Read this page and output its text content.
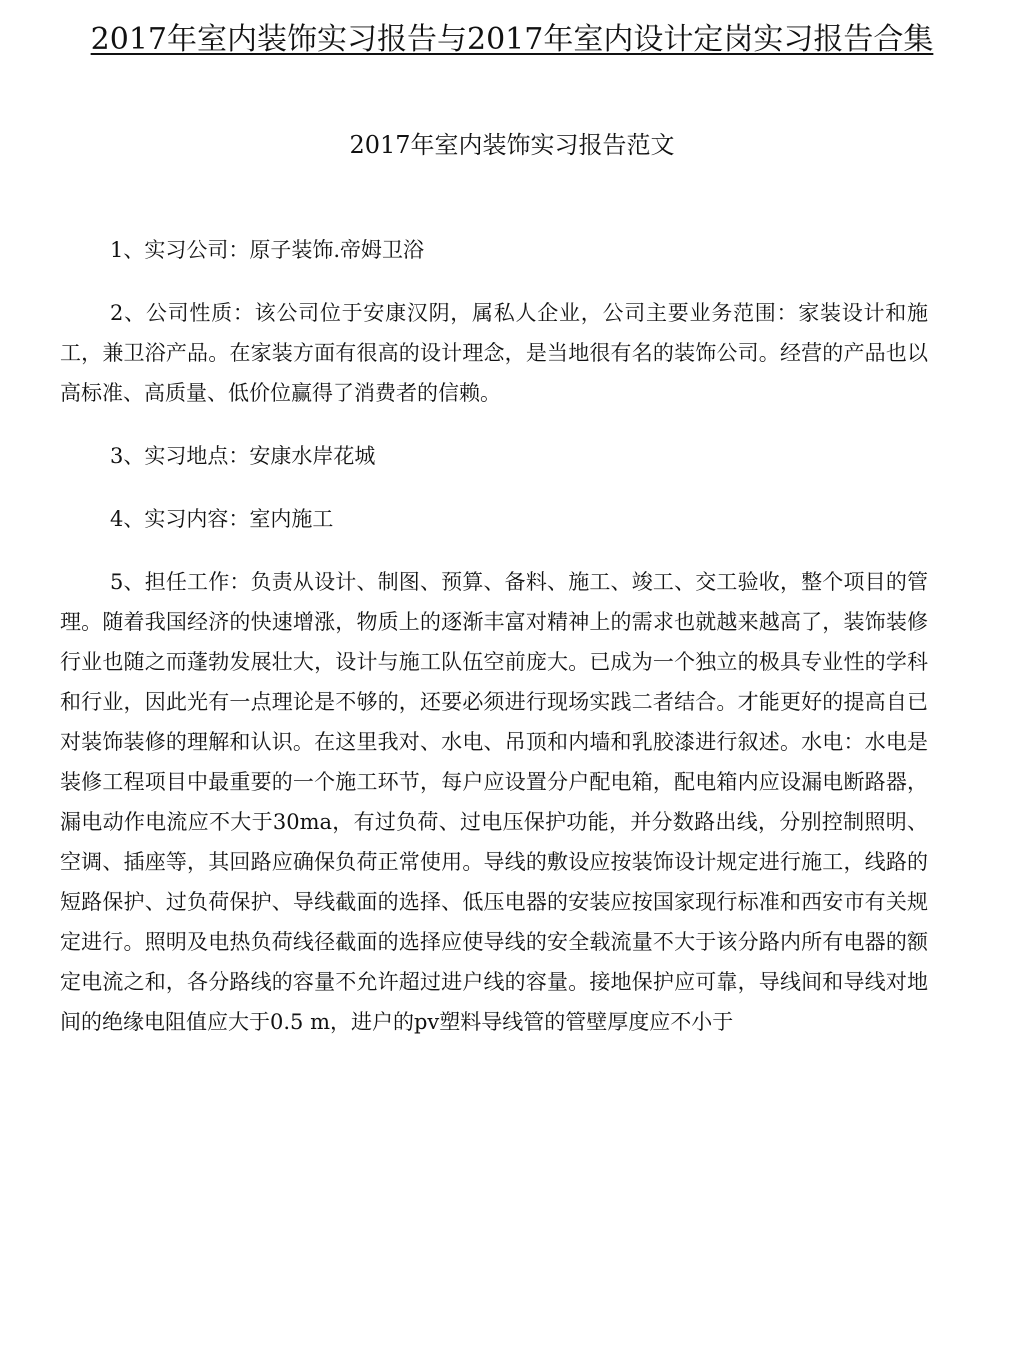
2017年室内装饰实习报告与2017年室内设计定岗实习报告合集
2017年室内装饰实习报告范文

1、实习公司：原子装饰.帝姆卫浴

2、公司性质：该公司位于安康汉阴，属私人企业，公司主要业务范围：家装设计和施工，兼卫浴产品。在家装方面有很高的设计理念，是当地很有名的装饰公司。经营的产品也以高标准、高质量、低价位赢得了消费者的信赖。

3、实习地点：安康水岸花城

4、实习内容：室内施工

5、担任工作：负责从设计、制图、预算、备料、施工、竣工、交工验收，整个项目的管理。随着我国经济的快速增涨，物质上的逐渐丰富对精神上的需求也就越来越高了，装饰装修行业也随之而蓬勃发展壮大，设计与施工队伍空前庞大。已成为一个独立的极具专业性的学科和行业，因此光有一点理论是不够的，还要必须进行现场实践二者结合。才能更好的提高自已对装饰装修的理解和认识。在这里我对、水电、吊顶和内墙和乳胶漆进行叙述。水电：水电是装修工程项目中最重要的一个施工环节，每户应设置分户配电箱，配电箱内应设漏电断路器，漏电动作电流应不大于30ma，有过负荷、过电压保护功能，并分数路出线，分别控制照明、空调、插座等，其回路应确保负荷正常使用。导线的敷设应按装饰设计规定进行施工，线路的短路保护、过负荷保护、导线截面的选择、低压电器的安装应按国家现行标准和西安市有关规定进行。照明及电热负荷线径截面的选择应使导线的安全载流量不大于该分路内所有电器的额定电流之和，各分路线的容量不允许超过进户线的容量。接地保护应可靠，导线间和导线对地间的绝缘电阻值应大于0.5 m，进户的pv塑料导线管的管壁厚度应不小于
